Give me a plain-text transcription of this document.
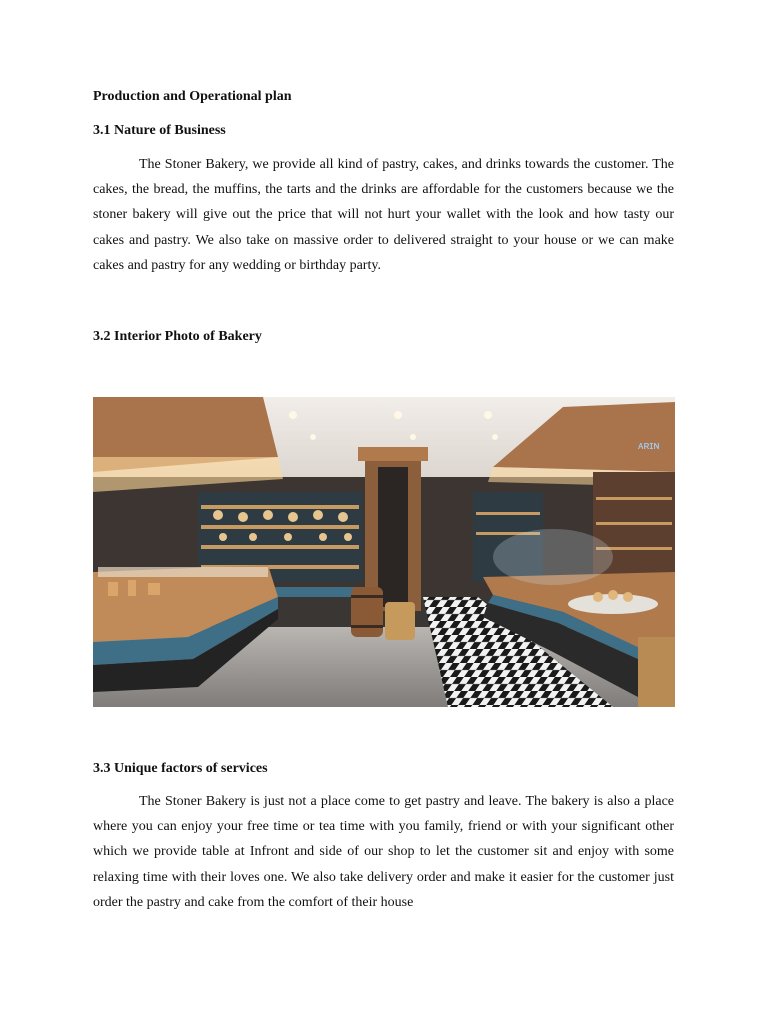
Production and Operational plan
3.1 Nature of Business

The Stoner Bakery, we provide all kind of pastry, cakes, and drinks towards the customer. The cakes, the bread, the muffins, the tarts and the drinks are affordable for the customers because we the stoner bakery will give out the price that will not hurt your wallet with the look and how tasty our cakes and pastry. We also take on massive order to delivered straight to your house or we can make cakes and pastry for any wedding or birthday party.

3.2 Interior Photo of Bakery
ᴀʀɪɴ
3.3 Unique factors of services

The Stoner Bakery is just not a place come to get pastry and leave. The bakery is also a place where you can enjoy your free time or tea time with you family, friend or with your significant other which we provide table at Infront and side of our shop to let the customer sit and enjoy with some relaxing time with their loves one. We also take delivery order and make it easier for the customer just order the pastry and cake from the comfort of their house
